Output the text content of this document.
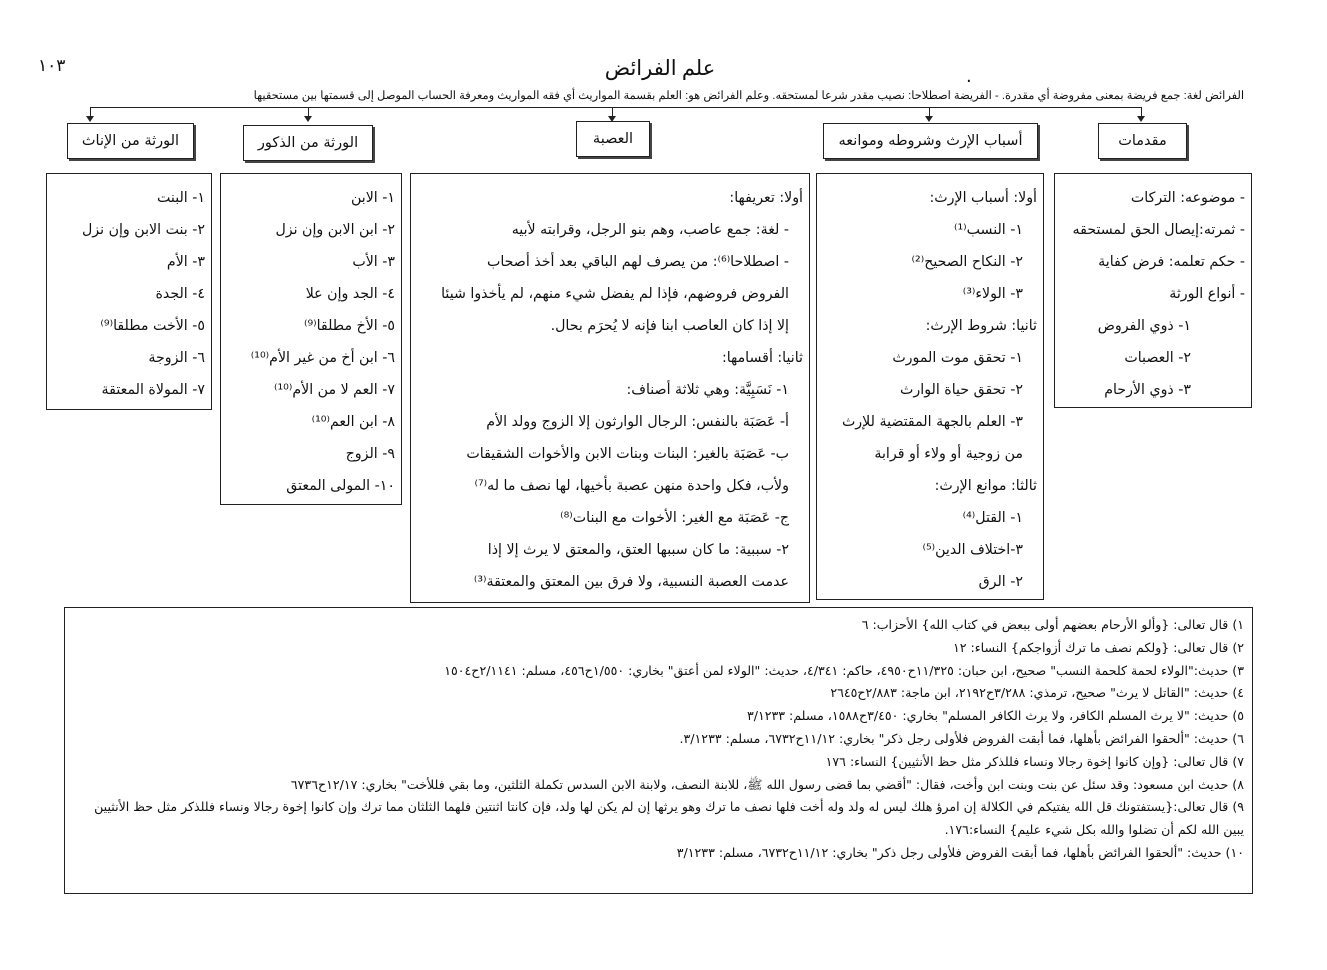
١٠٣	علم الفرائض	.
الفرائض لغة: جمع فريضة بمعنى مفروضة أي مقدرة. - الفريضة اصطلاحا: نصيب مقدر شرعا لمستحقه. وعلم الفرائض هو: العلم بقسمة المواريث أي فقه المواريث ومعرفة الحساب الموصل إلى قسمتها بين مستحقيها
مقدمات
أسباب الإرث وشروطه وموانعه
العصبة
الورثة من الذكور
الورثة من الإناث
- موضوعه: التركات
- ثمرته:إيصال الحق لمستحقه
- حكم تعلمه: فرض كفاية
- أنواع الورثة
١- ذوي الفروض
٢- العصبات
٣- ذوي الأرحام
أولا: أسباب الإرث:
١- النسب⁽¹⁾
٢- النكاح الصحيح⁽²⁾
٣- الولاء⁽³⁾
ثانيا: شروط الإرث:
١- تحقق موت المورث
٢- تحقق حياة الوارث
٣- العلم بالجهة المقتضية للإرث
من زوجية أو ولاء أو قرابة
ثالثا: موانع الإرث:
١- القتل⁽⁴⁾
٣-اختلاف الدين⁽⁵⁾
٢- الرق
أولا: تعريفها:
- لغة: جمع عاصب، وهم بنو الرجل، وقرابته لأبيه
- اصطلاحا⁽⁶⁾: من يصرف لهم الباقي بعد أخذ أصحاب
الفروض فروضهم، فإذا لم يفضل شيء منهم، لم يأخذوا شيئا
إلا إذا كان العاصب ابنا فإنه لا يُحرَم بحال.
ثانيا: أقسامها:
١- نَسَبِيَّة: وهي ثلاثة أصناف:
أ- عَصَبَة بالنفس: الرجال الوارثون إلا الزوج وولد الأم
ب- عَصَبَة بالغير: البنات وبنات الابن والأخوات الشقيقات
ولأب، فكل واحدة منهن عصبة بأخيها، لها نصف ما له⁽⁷⁾
ج- عَصَبَة مع الغير: الأخوات مع البنات⁽⁸⁾
٢- سببية: ما كان سببها العتق، والمعتق لا يرث إلا إذا
عدمت العصبة النسبية، ولا فرق بين المعتق والمعتقة⁽³⁾
١- الابن
٢- ابن الابن وإن نزل
٣- الأب
٤- الجد وإن علا
٥- الأخ مطلقا⁽⁹⁾
٦- ابن أخ من غير الأم⁽¹⁰⁾
٧- العم لا من الأم⁽¹⁰⁾
٨- ابن العم⁽¹⁰⁾
٩- الزوج
١٠- المولى المعتق
١- البنت
٢- بنت الابن وإن نزل
٣- الأم
٤- الجدة
٥- الأخت مطلقا⁽⁹⁾
٦- الزوجة
٧- المولاة المعتقة
١) قال تعالى: {وألو الأرحام بعضهم أولى ببعض في كتاب الله} الأحزاب: ٦
٢) قال تعالى: {ولكم نصف ما ترك أزواجكم} النساء: ١٢
٣) حديث:"الولاء لحمة كلحمة النسب" صحيح، ابن حبان: ١١/٣٢٥ح٤٩٥٠، حاكم: ٤/٣٤١، حديث: "الولاء لمن أعتق" بخاري: ١/٥٥٠ح٤٥٦، مسلم: ٢/١١٤١ح١٥٠٤
٤) حديث: "القاتل لا يرث" صحيح، ترمذي: ٣/٢٨٨ح٢١٩٢، ابن ماجة: ٢/٨٨٣ح٢٦٤٥
٥) حديث: "لا يرث المسلم الكافر، ولا يرث الكافر المسلم" بخاري: ٣/٤٥٠ح١٥٨٨، مسلم: ٣/١٢٣٣
٦) حديث: "ألحقوا الفرائض بأهلها، فما أبقت الفروض فلأولى رجل ذكر" بخاري: ١١/١٢ح٦٧٣٢، مسلم: ٣/١٢٣٣.
٧) قال تعالى: {وإن كانوا إخوة رجالا ونساء فللذكر مثل حظ الأنثيين} النساء: ١٧٦
٨) حديث ابن مسعود: وقد سئل عن بنت وبنت ابن وأخت، فقال: "أقضي بما قضى رسول الله ﷺ، للابنة النصف، ولابنة الابن السدس تكملة الثلثين، وما بقي فللأخت" بخاري: ١٢/١٧ح٦٧٣٦
٩) قال تعالى:{يستفتونك قل الله يفتيكم في الكلالة إن امرؤ هلك ليس له ولد وله أخت فلها نصف ما ترك وهو يرثها إن لم يكن لها ولد، فإن كانتا اثنتين فلهما الثلثان مما ترك وإن كانوا إخوة رجالا ونساء فللذكر مثل حظ الأنثيين يبين الله لكم أن تضلوا والله بكل شيء عليم} النساء:١٧٦.
١٠) حديث: "ألحقوا الفرائض بأهلها، فما أبقت الفروض فلأولى رجل ذكر" بخاري: ١١/١٢ح٦٧٣٢، مسلم: ٣/١٢٣٣
